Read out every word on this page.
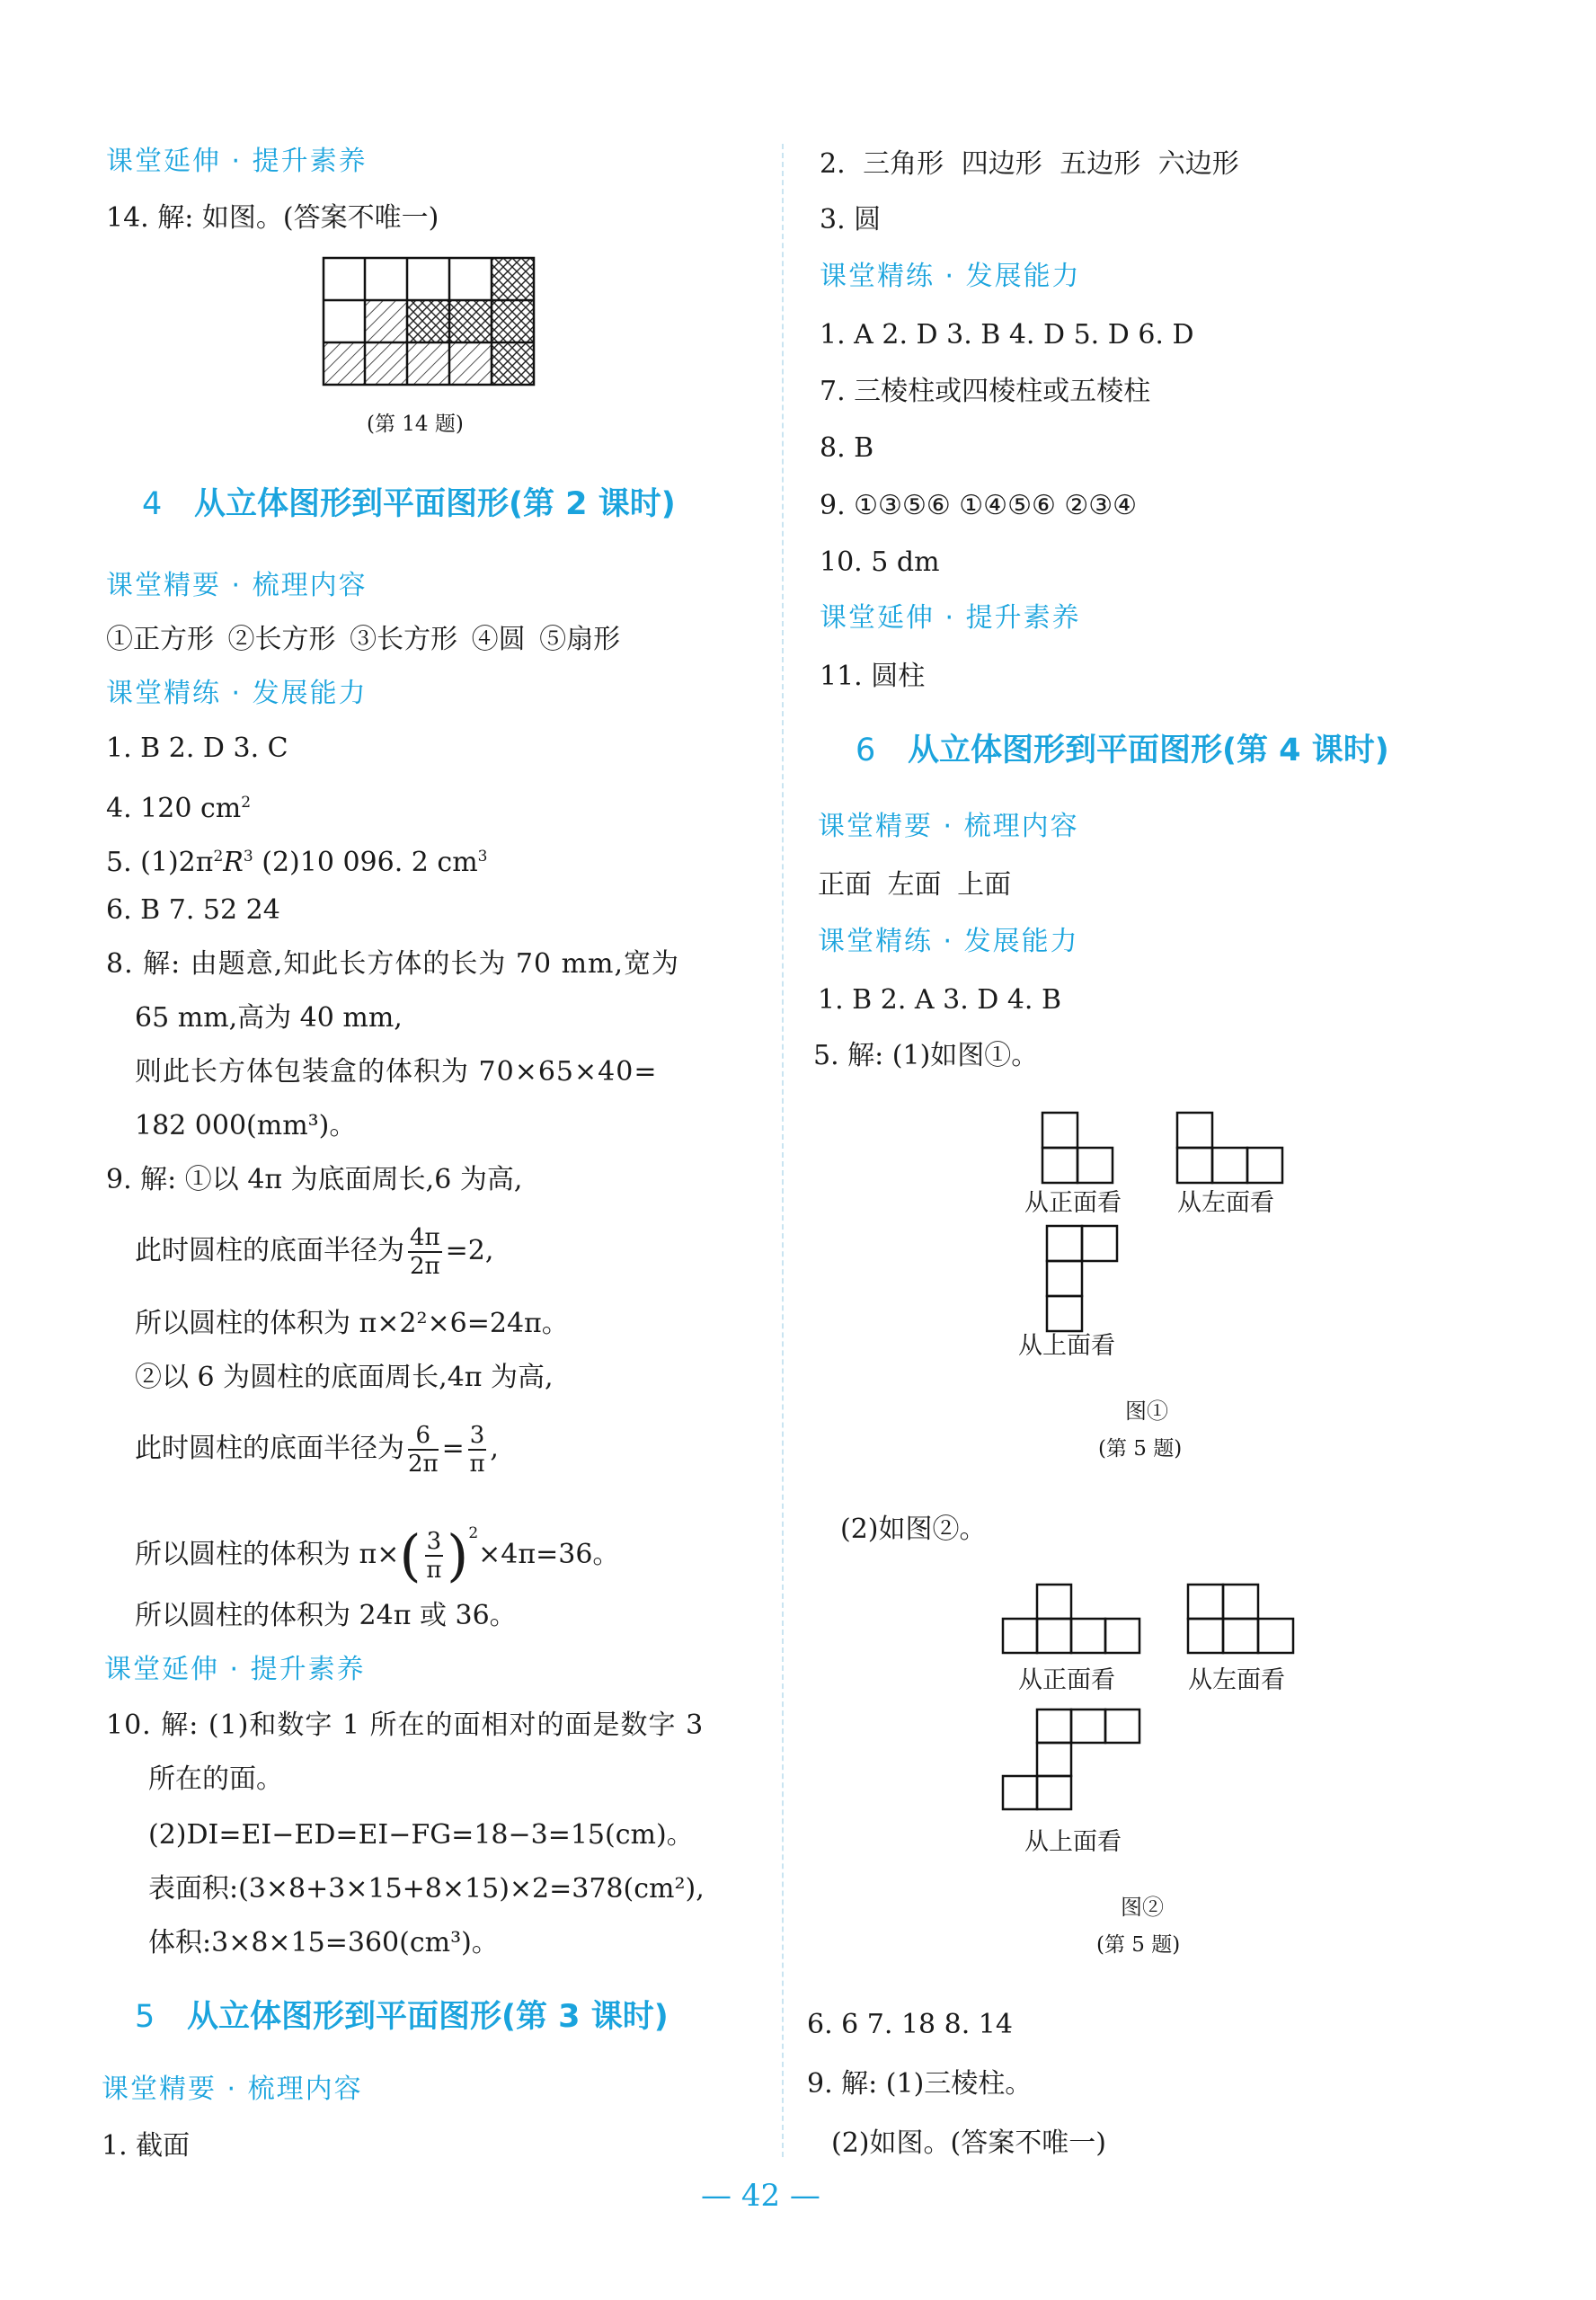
课堂延伸 · 提升素养
14. 解: 如图。(答案不唯一)
(第 14 题)
4 从立体图形到平面图形(第 2 课时)
课堂精要 · 梳理内容
①正方形 ②长方形 ③长方形 ④圆 ⑤扇形
课堂精练 · 发展能力
1. B 2. D 3. C
4. 120 $cm^2$
5. $(1)2\pi^2R^3$ (2)10 096. 2 $cm^3$
6. B 7. 52 24
8. 解: 由题意,知此长方体的长为 70 mm,宽为
65 mm,高为 40 mm,
则此长方体包装盒的体积为 70×65×40=
182 000(mm³)。
9. 解: ①以 4π 为底面周长,6 为高,
此时圆柱的底面半径为 $\frac{4\pi}{2\pi} =2$,
所以圆柱的体积为 π×2²×6=24π。
②以 6 为圆柱的底面周长,4π 为高,
此时圆柱的底面半径为 $\frac{6}{2\pi} = \frac{3}{\pi}$ ,
所以圆柱的体积为 $\pi\times( \frac{3}{\pi} )^2\times 4\pi=36$。
所以圆柱的体积为 24π 或 36。
课堂延伸 · 提升素养
10. 解: (1)和数字 1 所在的面相对的面是数字 3
所在的面。
(2)DI=EI−ED=EI−FG=18−3=15(cm)。
表面积:(3×8+3×15+8×15)×2=378(cm²),
体积:3×8×15=360(cm³)。
5 从立体图形到平面图形(第 3 课时)
课堂精要 · 梳理内容
1. 截面
2. 三角形 四边形 五边形 六边形
3. 圆
课堂精练 · 发展能力
1. A 2. D 3. B 4. D 5. D 6. D
7. 三棱柱或四棱柱或五棱柱
8. B
9. ①③⑤⑥ ①④⑤⑥ ②③④
10. 5 dm
课堂延伸 · 提升素养
11. 圆柱
6 从立体图形到平面图形(第 4 课时)
课堂精要 · 梳理内容
正面 左面 上面
课堂精练 · 发展能力
1. B 2. A 3. D 4. B
5. 解: (1)如图①。
从正面看 从左面看
从上面看
图①
(第 5 题)
(2)如图②。
从正面看	从左面看
从上面看
图②
(第 5 题)
6. 6 7. 18 8. 14
9. 解: (1)三棱柱。
(2)如图。(答案不唯一)
— 42 —
